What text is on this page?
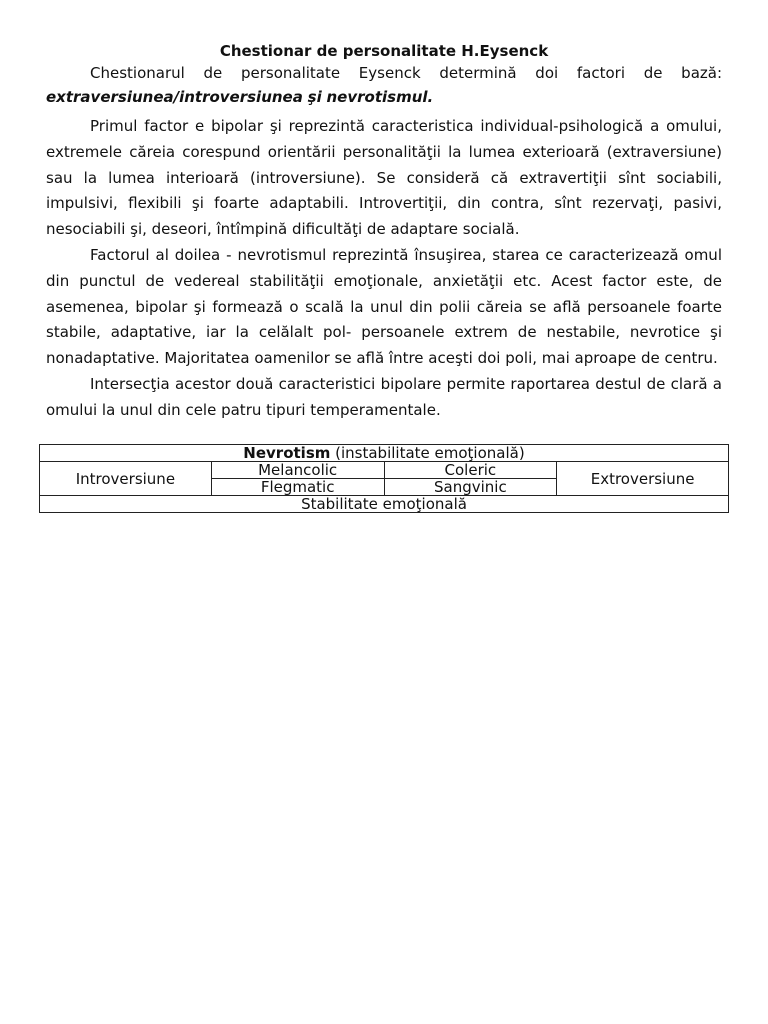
Chestionar de personalitate H.Eysenck
Chestionarul de personalitate Eysenck determină doi factori de bază:
extraversiunea/introversiunea şi nevrotismul.

Primul factor e bipolar şi reprezintă caracteristica individual-psihologică a omului, extremele căreia corespund orientării personalităţii la lumea exterioară (extraversiune) sau la lumea interioară (introversiune). Se consideră că extravertiţii sînt sociabili, impulsivi, flexibili şi foarte adaptabili. Introvertiţii, din contra, sînt rezervaţi, pasivi, nesociabili şi, deseori, întîmpină dificultăţi de adaptare socială.

Factorul al doilea - nevrotismul reprezintă însuşirea, starea ce caracterizează omul din punctul de vedereal stabilităţii emoţionale, anxietăţii etc. Acest factor este, de asemenea, bipolar şi formează o scală la unul din polii căreia se află persoanele foarte stabile, adaptative, iar la celălalt pol- persoanele extrem de nestabile, nevrotice şi nonadaptative. Majoritatea oamenilor se află între aceşti doi poli, mai aproape de centru.

Intersecţia acestor două caracteristici bipolare permite raportarea destul de clară a omului la unul din cele patru tipuri temperamentale.

Nevrotism (instabilitate emoţională)			
Introversiune	Melancolic	Coleric	Extroversiune
	Flegmatic	Sangvinic	
Stabilitate emoţională			
